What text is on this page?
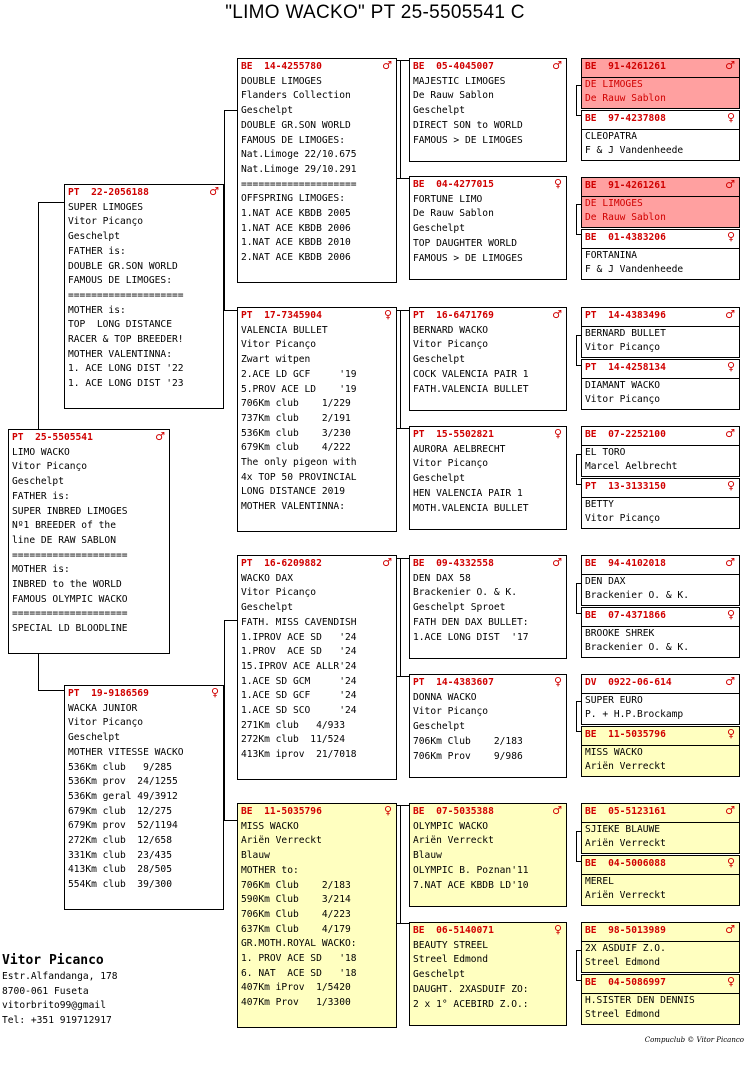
"LIMO WACKO" PT 25-5505541 C
PT  25-5505541	♂
LIMO WACKO
Vitor Picanço
Geschelpt
FATHER is:
SUPER INBRED LIMOGES
Nº1 BREEDER of the
line DE RAW SABLON
====================
MOTHER is:
INBRED to the WORLD
FAMOUS OLYMPIC WACKO
====================
SPECIAL LD BLOODLINE
PT  22-2056188	♂
SUPER LIMOGES
Vitor Picanço
Geschelpt
FATHER is:
DOUBLE GR.SON WORLD
FAMOUS DE LIMOGES:
====================
MOTHER is:
TOP  LONG DISTANCE
RACER & TOP BREEDER!
MOTHER VALENTINNA:
1. ACE LONG DIST '22
1. ACE LONG DIST '23
PT  19-9186569	♀
WACKA JUNIOR
Vitor Picanço
Geschelpt
MOTHER VITESSE WACKO
536Km club   9/285
536Km prov  24/1255
536Km geral 49/3912
679Km club  12/275
679Km prov  52/1194
272Km club  12/658
331Km club  23/435
413Km club  28/505
554Km club  39/300
BE  14-4255780	♂
DOUBLE LIMOGES
Flanders Collection
Geschelpt
DOUBLE GR.SON WORLD
FAMOUS DE LIMOGES:
Nat.Limoge 22/10.675
Nat.Limoge 29/10.291
====================
OFFSPRING LIMOGES:
1.NAT ACE KBDB 2005
1.NAT ACE KBDB 2006
1.NAT ACE KBDB 2010
2.NAT ACE KBDB 2006
PT  17-7345904	♀
VALENCIA BULLET
Vitor Picanço
Zwart witpen
2.ACE LD GCF     '19
5.PROV ACE LD    '19
706Km club    1/229
737Km club    2/191
536Km club    3/230
679Km club    4/222
The only pigeon with
4x TOP 50 PROVINCIAL
LONG DISTANCE 2019
MOTHER VALENTINNA:
PT  16-6209882	♂
WACKO DAX
Vitor Picanço
Geschelpt
FATH. MISS CAVENDISH
1.IPROV ACE SD   '24
1.PROV  ACE SD   '24
15.IPROV ACE ALLR'24
1.ACE SD GCM     '24
1.ACE SD GCF     '24
1.ACE SD SCO     '24
271Km club   4/933
272Km club  11/524
413Km iprov  21/7018
BE  11-5035796	♀
MISS WACKO
Ariën Verreckt
Blauw
MOTHER to:
706Km Club    2/183
590Km Club    3/214
706Km Club    4/223
637Km Club    4/179
GR.MOTH.ROYAL WACKO:
1. PROV ACE SD   '18
6. NAT  ACE SD   '18
407Km iProv  1/5420
407Km Prov   1/3300
BE  05-4045007	♂
MAJESTIC LIMOGES
De Rauw Sablon
Geschelpt
DIRECT SON to WORLD
FAMOUS > DE LIMOGES
BE  04-4277015	♀
FORTUNE LIMO
De Rauw Sablon
Geschelpt
TOP DAUGHTER WORLD
FAMOUS > DE LIMOGES
PT  16-6471769	♂
BERNARD WACKO
Vitor Picanço
Geschelpt
COCK VALENCIA PAIR 1
FATH.VALENCIA BULLET
PT  15-5502821	♀
AURORA AELBRECHT
Vitor Picanço
Geschelpt
HEN VALENCIA PAIR 1
MOTH.VALENCIA BULLET
BE  09-4332558	♂
DEN DAX 58
Brackenier O. & K.
Geschelpt Sproet
FATH DEN DAX BULLET:
1.ACE LONG DIST  '17
PT  14-4383607	♀
DONNA WACKO
Vitor Picanço
Geschelpt
706Km Club    2/183
706Km Prov    9/986
BE  07-5035388	♂
OLYMPIC WACKO
Ariën Verreckt
Blauw
OLYMPIC B. Poznan'11
7.NAT ACE KBDB LD'10
BE  06-5140071	♀
BEAUTY STREEL
Streel Edmond
Geschelpt
DAUGHT. 2XASDUIF ZO:
2 x 1° ACEBIRD Z.O.:
BE  91-4261261	♂
DE LIMOGES
De Rauw Sablon
BE  97-4237808	♀
CLEOPATRA
F & J Vandenheede
BE  91-4261261	♂
DE LIMOGES
De Rauw Sablon
BE  01-4383206	♀
FORTANINA
F & J Vandenheede
PT  14-4383496	♂
BERNARD BULLET
Vitor Picanço
PT  14-4258134	♀
DIAMANT WACKO
Vitor Picanço
BE  07-2252100	♂
EL TORO
Marcel Aelbrecht
PT  13-3133150	♀
BETTY
Vitor Picanço
BE  94-4102018	♂
DEN DAX
Brackenier O. & K.
BE  07-4371866	♀
BROOKE SHREK
Brackenier O. & K.
DV  0922-06-614	♂
SUPER EURO
P. + H.P.Brockamp
BE  11-5035796	♀
MISS WACKO
Ariën Verreckt
BE  05-5123161	♂
SJIEKE BLAUWE
Ariën Verreckt
BE  04-5006088	♀
MEREL
Ariën Verreckt
BE  98-5013989	♂
2X ASDUIF Z.O.
Streel Edmond
BE  04-5086997	♀
H.SISTER DEN DENNIS
Streel Edmond
Vitor Picanco
Estr.Alfandanga, 178
8700-061 Fuseta
vitorbrito99@gmail
Tel: +351 919712917
Compuclub © Vitor Picanco
